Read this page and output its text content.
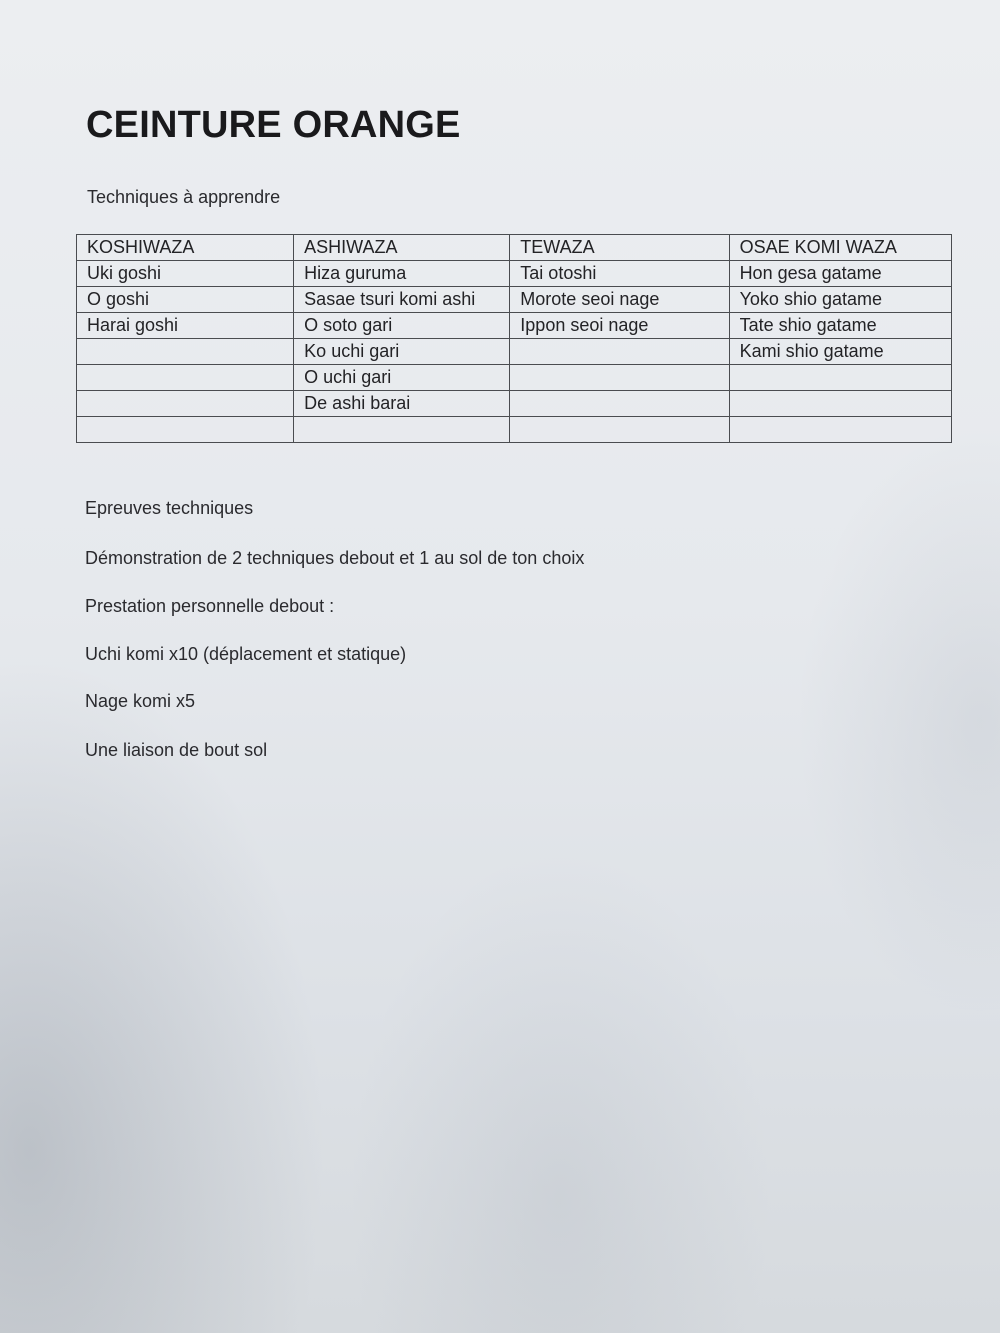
CEINTURE ORANGE
Techniques à apprendre
KOSHIWAZA	ASHIWAZA	TEWAZA	OSAE KOMI WAZA
Uki goshi	Hiza guruma	Tai otoshi	Hon gesa gatame
O goshi	Sasae tsuri komi ashi	Morote seoi nage	Yoko shio gatame
Harai goshi	O soto gari	Ippon seoi nage	Tate shio gatame
	Ko uchi gari		Kami shio gatame
	O uchi gari		
	De ashi barai		

Epreuves techniques
Démonstration de 2 techniques debout et 1 au sol de ton choix
Prestation personnelle debout :
Uchi komi x10 (déplacement et statique)
Nage komi x5
Une liaison de bout sol
